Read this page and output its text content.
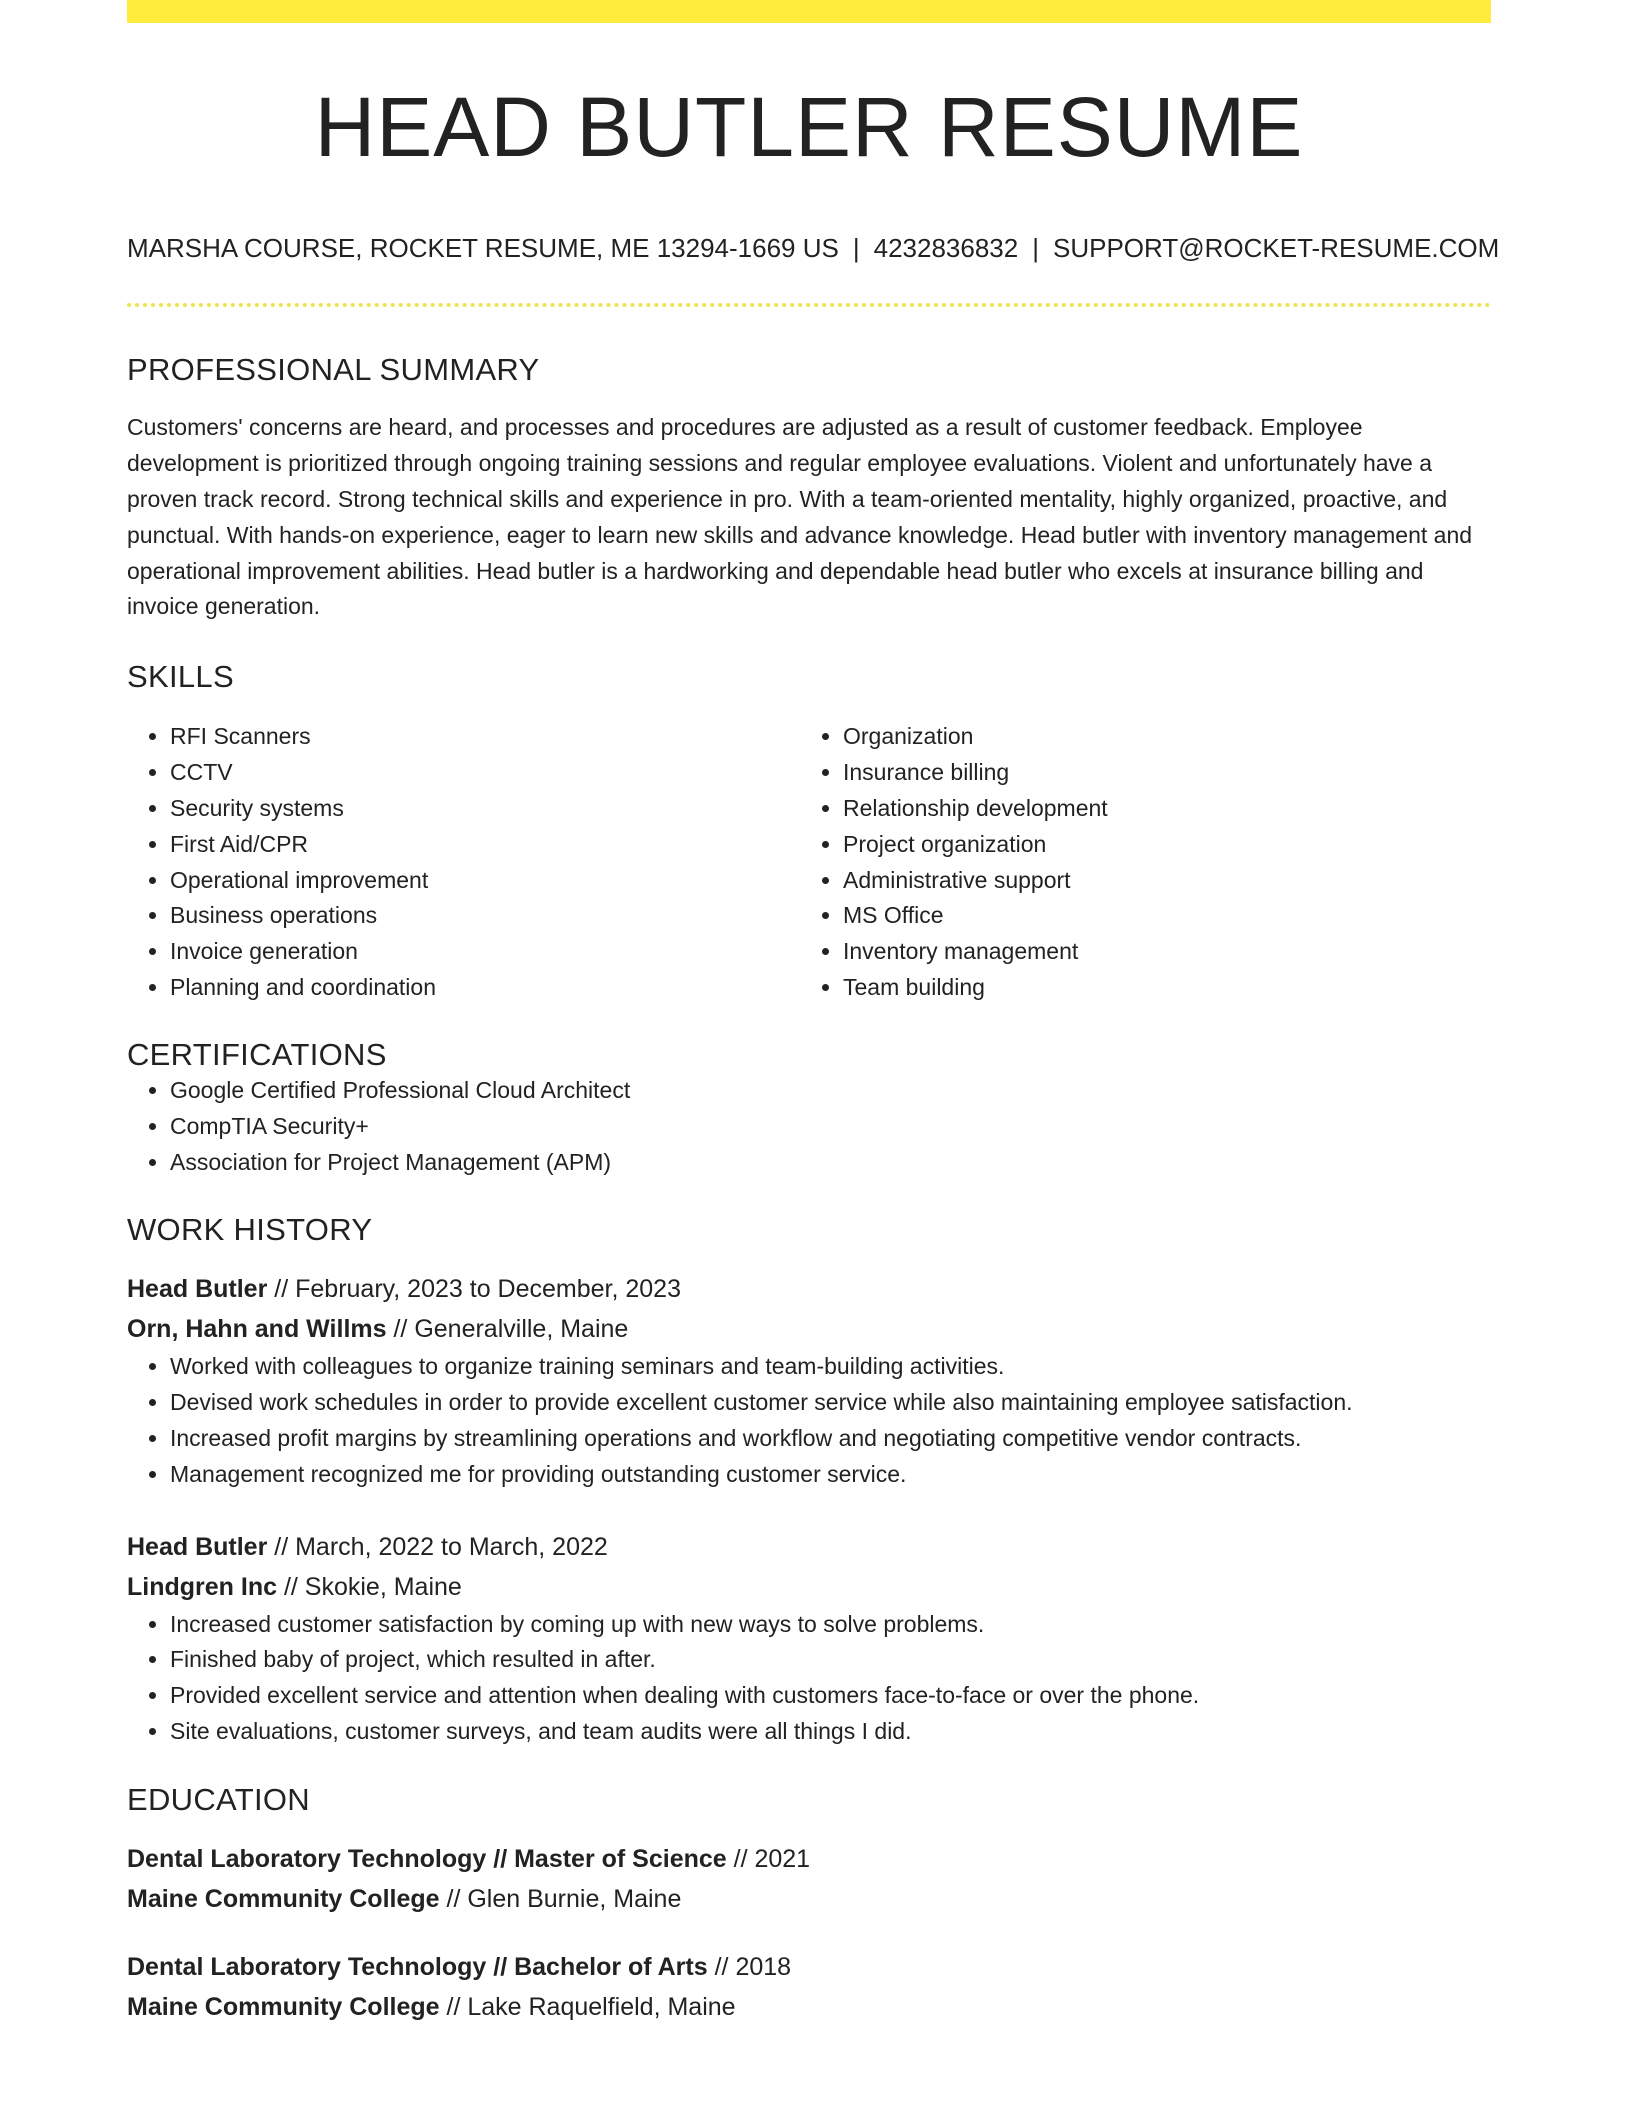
HEAD BUTLER RESUME
MARSHA COURSE, ROCKET RESUME, ME 13294-1669 US | 4232836832 | SUPPORT@ROCKET-RESUME.COM
PROFESSIONAL SUMMARY
Customers' concerns are heard, and processes and procedures are adjusted as a result of customer feedback. Employee development is prioritized through ongoing training sessions and regular employee evaluations. Violent and unfortunately have a proven track record. Strong technical skills and experience in pro. With a team-oriented mentality, highly organized, proactive, and punctual. With hands-on experience, eager to learn new skills and advance knowledge. Head butler with inventory management and operational improvement abilities. Head butler is a hardworking and dependable head butler who excels at insurance billing and invoice generation.
SKILLS
• RFI Scanners
• CCTV
• Security systems
• First Aid/CPR
• Operational improvement
• Business operations
• Invoice generation
• Planning and coordination
• Organization
• Insurance billing
• Relationship development
• Project organization
• Administrative support
• MS Office
• Inventory management
• Team building
CERTIFICATIONS
• Google Certified Professional Cloud Architect
• CompTIA Security+
• Association for Project Management (APM)
WORK HISTORY
Head Butler // February, 2023 to December, 2023
Orn, Hahn and Willms // Generalville, Maine
• Worked with colleagues to organize training seminars and team-building activities.
• Devised work schedules in order to provide excellent customer service while also maintaining employee satisfaction.
• Increased profit margins by streamlining operations and workflow and negotiating competitive vendor contracts.
• Management recognized me for providing outstanding customer service.
Head Butler // March, 2022 to March, 2022
Lindgren Inc // Skokie, Maine
• Increased customer satisfaction by coming up with new ways to solve problems.
• Finished baby of project, which resulted in after.
• Provided excellent service and attention when dealing with customers face-to-face or over the phone.
• Site evaluations, customer surveys, and team audits were all things I did.
EDUCATION
Dental Laboratory Technology // Master of Science // 2021
Maine Community College // Glen Burnie, Maine
Dental Laboratory Technology // Bachelor of Arts // 2018
Maine Community College // Lake Raquelfield, Maine
